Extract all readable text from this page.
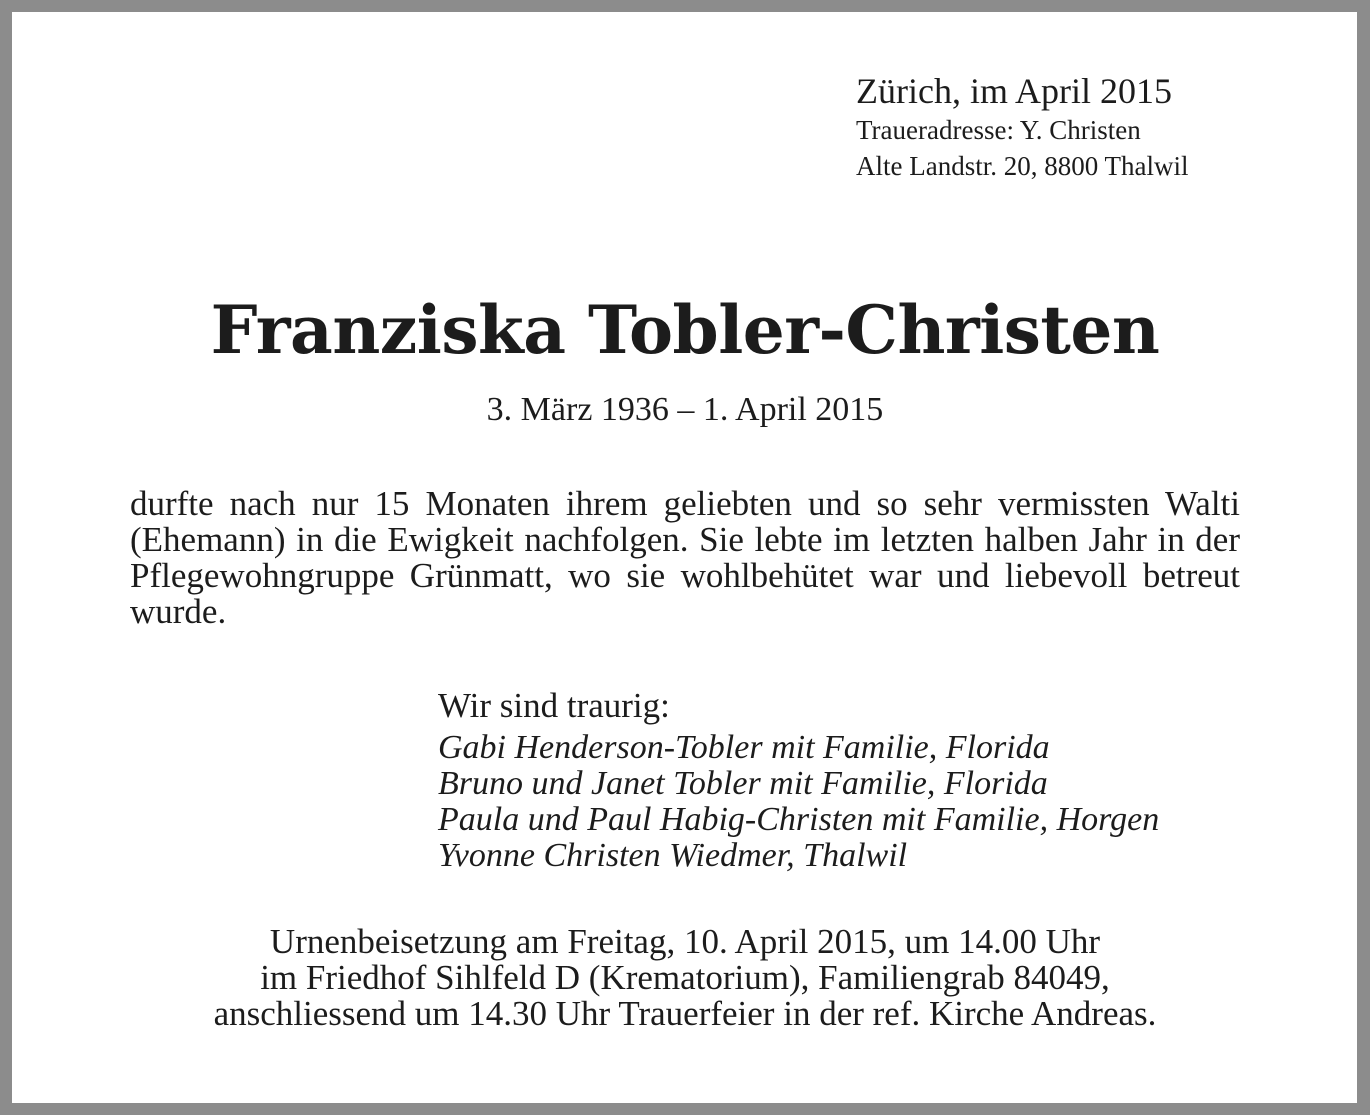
Zürich, im April 2015
Traueradresse: Y. Christen
Alte Landstr. 20, 8800 Thalwil
Franziska Tobler-Christen
3. März 1936 – 1. April 2015
durfte nach nur 15 Monaten ihrem geliebten und so sehr vermissten Walti (Ehemann) in die Ewigkeit nachfolgen. Sie lebte im letzten halben Jahr in der Pflegewohngruppe Grünmatt, wo sie wohlbehütet war und liebevoll betreut wurde.
Wir sind traurig:
Gabi Henderson-Tobler mit Familie, Florida
Bruno und Janet Tobler mit Familie, Florida
Paula und Paul Habig-Christen mit Familie, Horgen
Yvonne Christen Wiedmer, Thalwil
Urnenbeisetzung am Freitag, 10. April 2015, um 14.00 Uhr
im Friedhof Sihlfeld D (Krematorium), Familiengrab 84049,
anschliessend um 14.30 Uhr Trauerfeier in der ref. Kirche Andreas.
